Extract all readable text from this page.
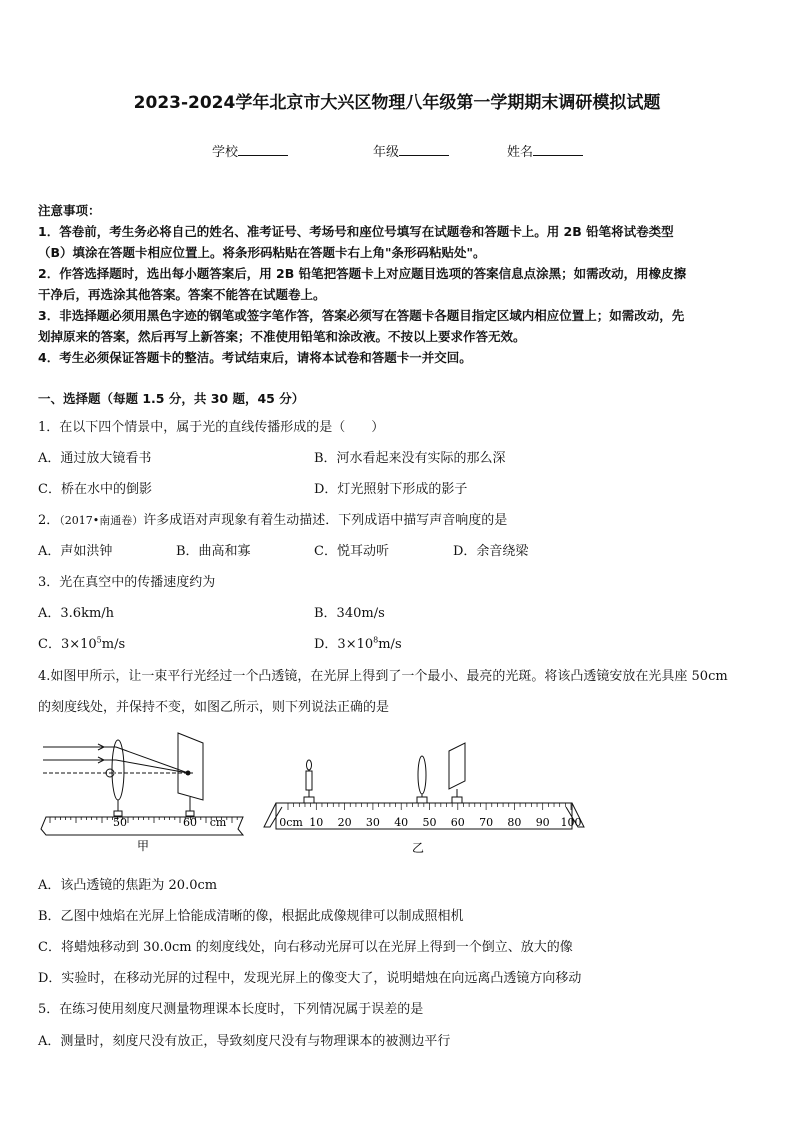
2023-2024学年北京市大兴区物理八年级第一学期期末调研模拟试题
学校	年级	姓名
注意事项：
1．答卷前，考生务必将自己的姓名、准考证号、考场号和座位号填写在试题卷和答题卡上。用 2B 铅笔将试卷类型
（B）填涂在答题卡相应位置上。将条形码粘贴在答题卡右上角"条形码粘贴处"。
2．作答选择题时，选出每小题答案后，用 2B 铅笔把答题卡上对应题目选项的答案信息点涂黑；如需改动，用橡皮擦
干净后，再选涂其他答案。答案不能答在试题卷上。
3．非选择题必须用黑色字迹的钢笔或签字笔作答，答案必须写在答题卡各题目指定区域内相应位置上；如需改动，先
划掉原来的答案，然后再写上新答案；不准使用铅笔和涂改液。不按以上要求作答无效。
4．考生必须保证答题卡的整洁。考试结束后，请将本试卷和答题卡一并交回。
一、选择题（每题 1.5 分，共 30 题，45 分）
1．在以下四个情景中，属于光的直线传播形成的是（　　）
A．通过放大镜看书	B．河水看起来没有实际的那么深
C．桥在水中的倒影	D．灯光照射下形成的影子
2．（2017•南通卷）许多成语对声现象有着生动描述．下列成语中描写声音响度的是
A．声如洪钟	B．曲高和寡	C．悦耳动听	D．余音绕梁
3．光在真空中的传播速度约为
A．3.6km/h	B．340m/s
C．$3\times 10^5m/s$	D．$3\times 10^8m/s$
4.如图甲所示，让一束平行光经过一个凸透镜，在光屏上得到了一个最小、最亮的光斑。将该凸透镜安放在光具座 50cm
的刻度线处，并保持不变，如图乙所示，则下列说法正确的是
50	60 cm
甲
0cm 10 20 30 40 50 60 70 80 90 100
乙
A．该凸透镜的焦距为 20.0cm
B．乙图中烛焰在光屏上恰能成清晰的像，根据此成像规律可以制成照相机
C．将蜡烛移动到 30.0cm 的刻度线处，向右移动光屏可以在光屏上得到一个倒立、放大的像
D．实验时，在移动光屏的过程中，发现光屏上的像变大了，说明蜡烛在向远离凸透镜方向移动
5．在练习使用刻度尺测量物理课本长度时，下列情况属于误差的是
A．测量时，刻度尺没有放正，导致刻度尺没有与物理课本的被测边平行
